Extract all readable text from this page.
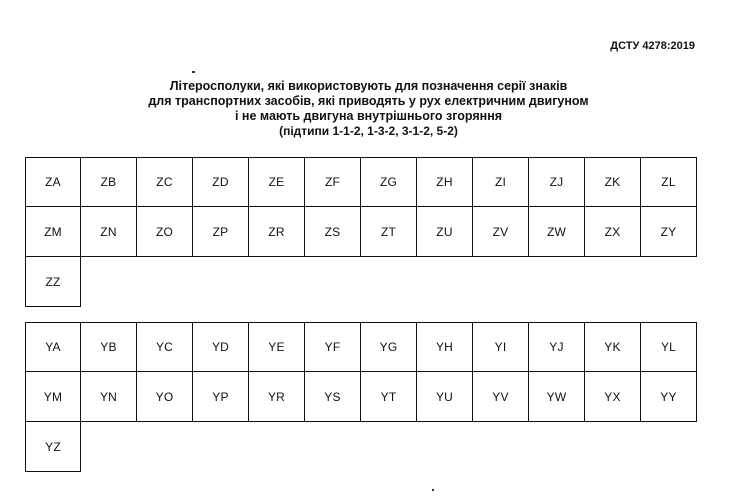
ДСТУ 4278:2019
Літеросполуки, які використовують для позначення серії знаків
для транспортних засобів, які приводять у рух електричним двигуном
і не мають двигуна внутрішнього згоряння
(підтипи 1-1-2, 1-3-2, 3-1-2, 5-2)
ZA	ZB	ZC	ZD	ZE	ZF	ZG	ZH	ZI	ZJ	ZK	ZL
ZM	ZN	ZO	ZP	ZR	ZS	ZT	ZU	ZV	ZW	ZX	ZY
ZZ
YA	YB	YC	YD	YE	YF	YG	YH	YI	YJ	YK	YL
YM	YN	YO	YP	YR	YS	YT	YU	YV	YW	YX	YY
YZ
